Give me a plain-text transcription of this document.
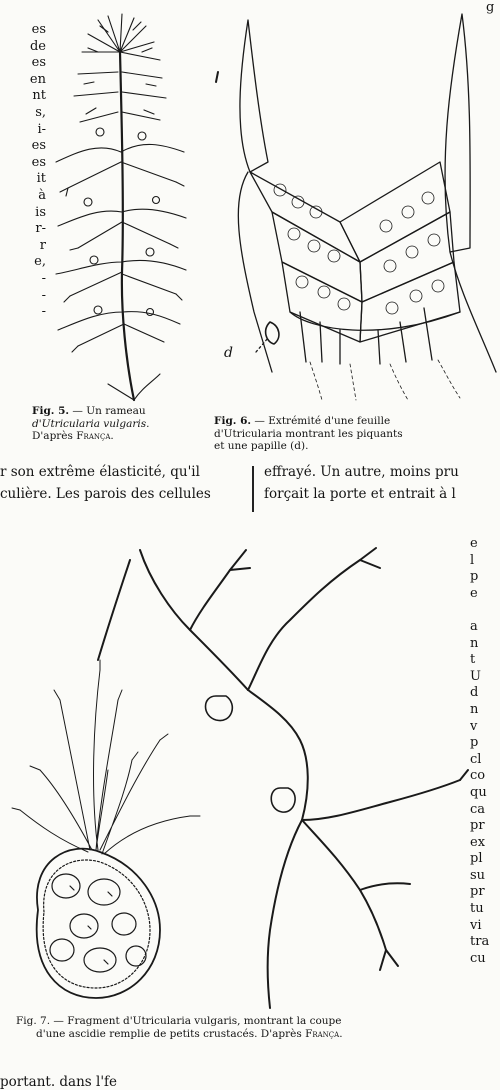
g
es
de
es
en
nt
s,
i-
es
es
it
à
is
r-
r
e,
-
-
-
d
Fig. 5. — Un rameau
d'Utricularia vulgaris.
D'après França.
Fig. 6. — Extrémité d'une feuille
d'Utricularia montrant les piquants
et une papille (d).
r son extrême élasticité, qu'il
culière. Les parois des cellules
effrayé. Un autre, moins pru
forçait la porte et entrait à l
e
l
p
e
a
n
t
U
d
n
v
p
cl
co
qu
ca
pr
ex
pl
su
pr
tu
vi
tra
cu
Fig. 7. — Fragment d'Utricularia vulgaris, montrant la coupe
d'une ascidie remplie de petits crustacés. D'après França.
portant. dans l'fe
